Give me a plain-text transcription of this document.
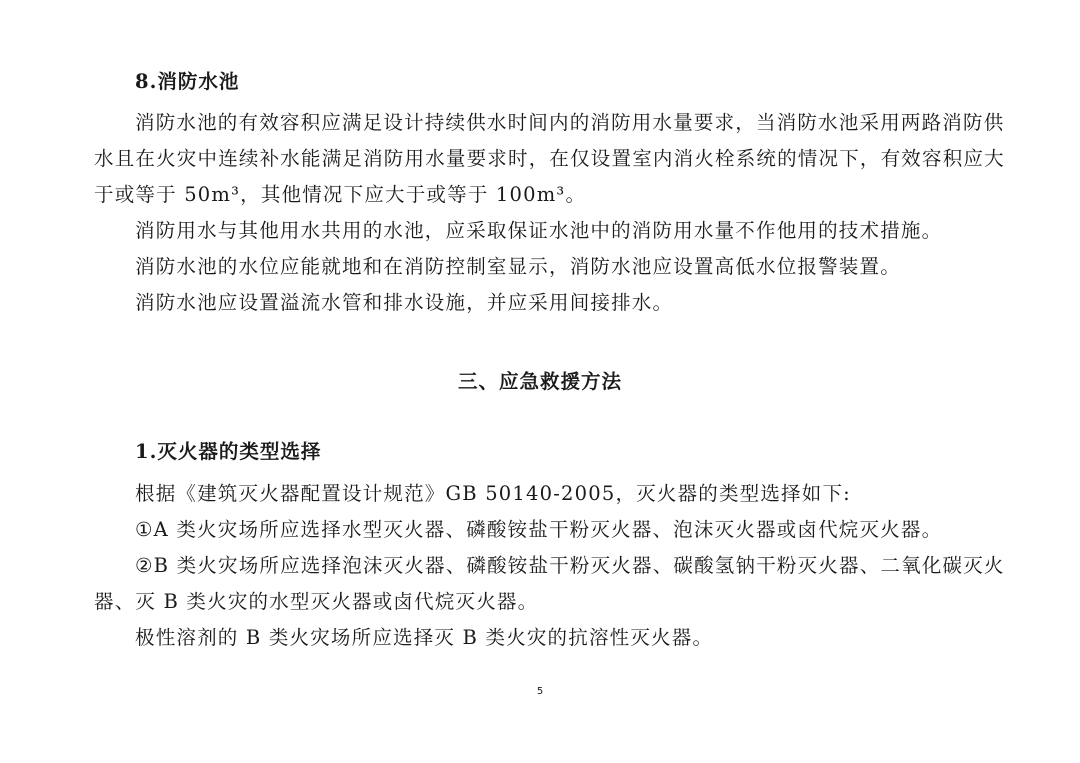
8.消防水池
消防水池的有效容积应满足设计持续供水时间内的消防用水量要求，当消防水池采用两路消防供
水且在火灾中连续补水能满足消防用水量要求时，在仅设置室内消火栓系统的情况下，有效容积应大
于或等于 50m³，其他情况下应大于或等于 100m³。
消防用水与其他用水共用的水池，应采取保证水池中的消防用水量不作他用的技术措施。
消防水池的水位应能就地和在消防控制室显示，消防水池应设置高低水位报警装置。
消防水池应设置溢流水管和排水设施，并应采用间接排水。
三、应急救援方法
1.灭火器的类型选择
根据《建筑灭火器配置设计规范》GB 50140-2005，灭火器的类型选择如下:
①A 类火灾场所应选择水型灭火器、磷酸铵盐干粉灭火器、泡沫灭火器或卤代烷灭火器。
②B 类火灾场所应选择泡沫灭火器、磷酸铵盐干粉灭火器、碳酸氢钠干粉灭火器、二氧化碳灭火
器、灭 B 类火灾的水型灭火器或卤代烷灭火器。
极性溶剂的 B 类火灾场所应选择灭 B 类火灾的抗溶性灭火器。
5
